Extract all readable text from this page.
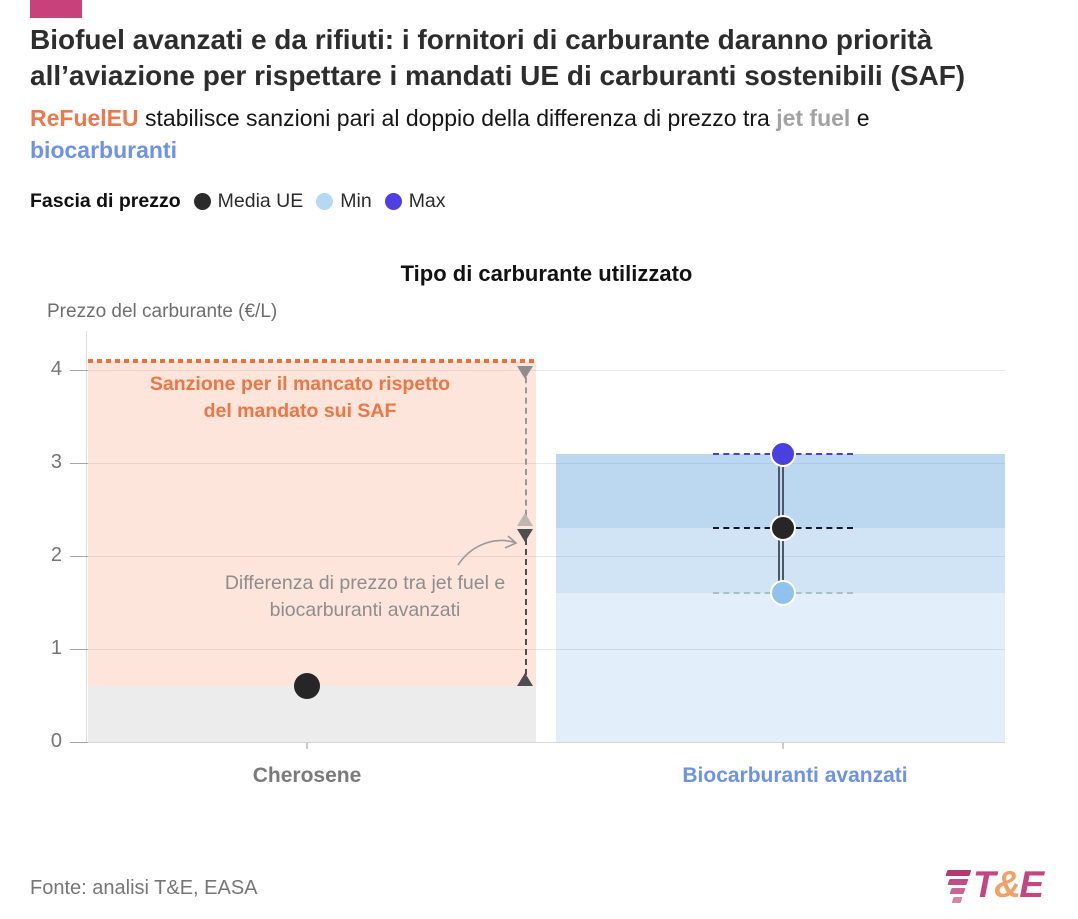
Biofuel avanzati e da rifiuti: i fornitori di carburante daranno priorità
all’aviazione per rispettare i mandati UE di carburanti sostenibili (SAF)
ReFuelEU stabilisce sanzioni pari al doppio della differenza di prezzo tra jet fuel e
biocarburanti
Fascia di prezzo Media UE Min Max
Tipo di carburante utilizzato
Prezzo del carburante (€/L)
Sanzione per il mancato rispetto del mandato sui SAF
Differenza di prezzo tra jet fuel e biocarburanti avanzati
Cherosene	Biocarburanti avanzati
0
1
2
3
4
Fonte: analisi T&E, EASA	T&E
